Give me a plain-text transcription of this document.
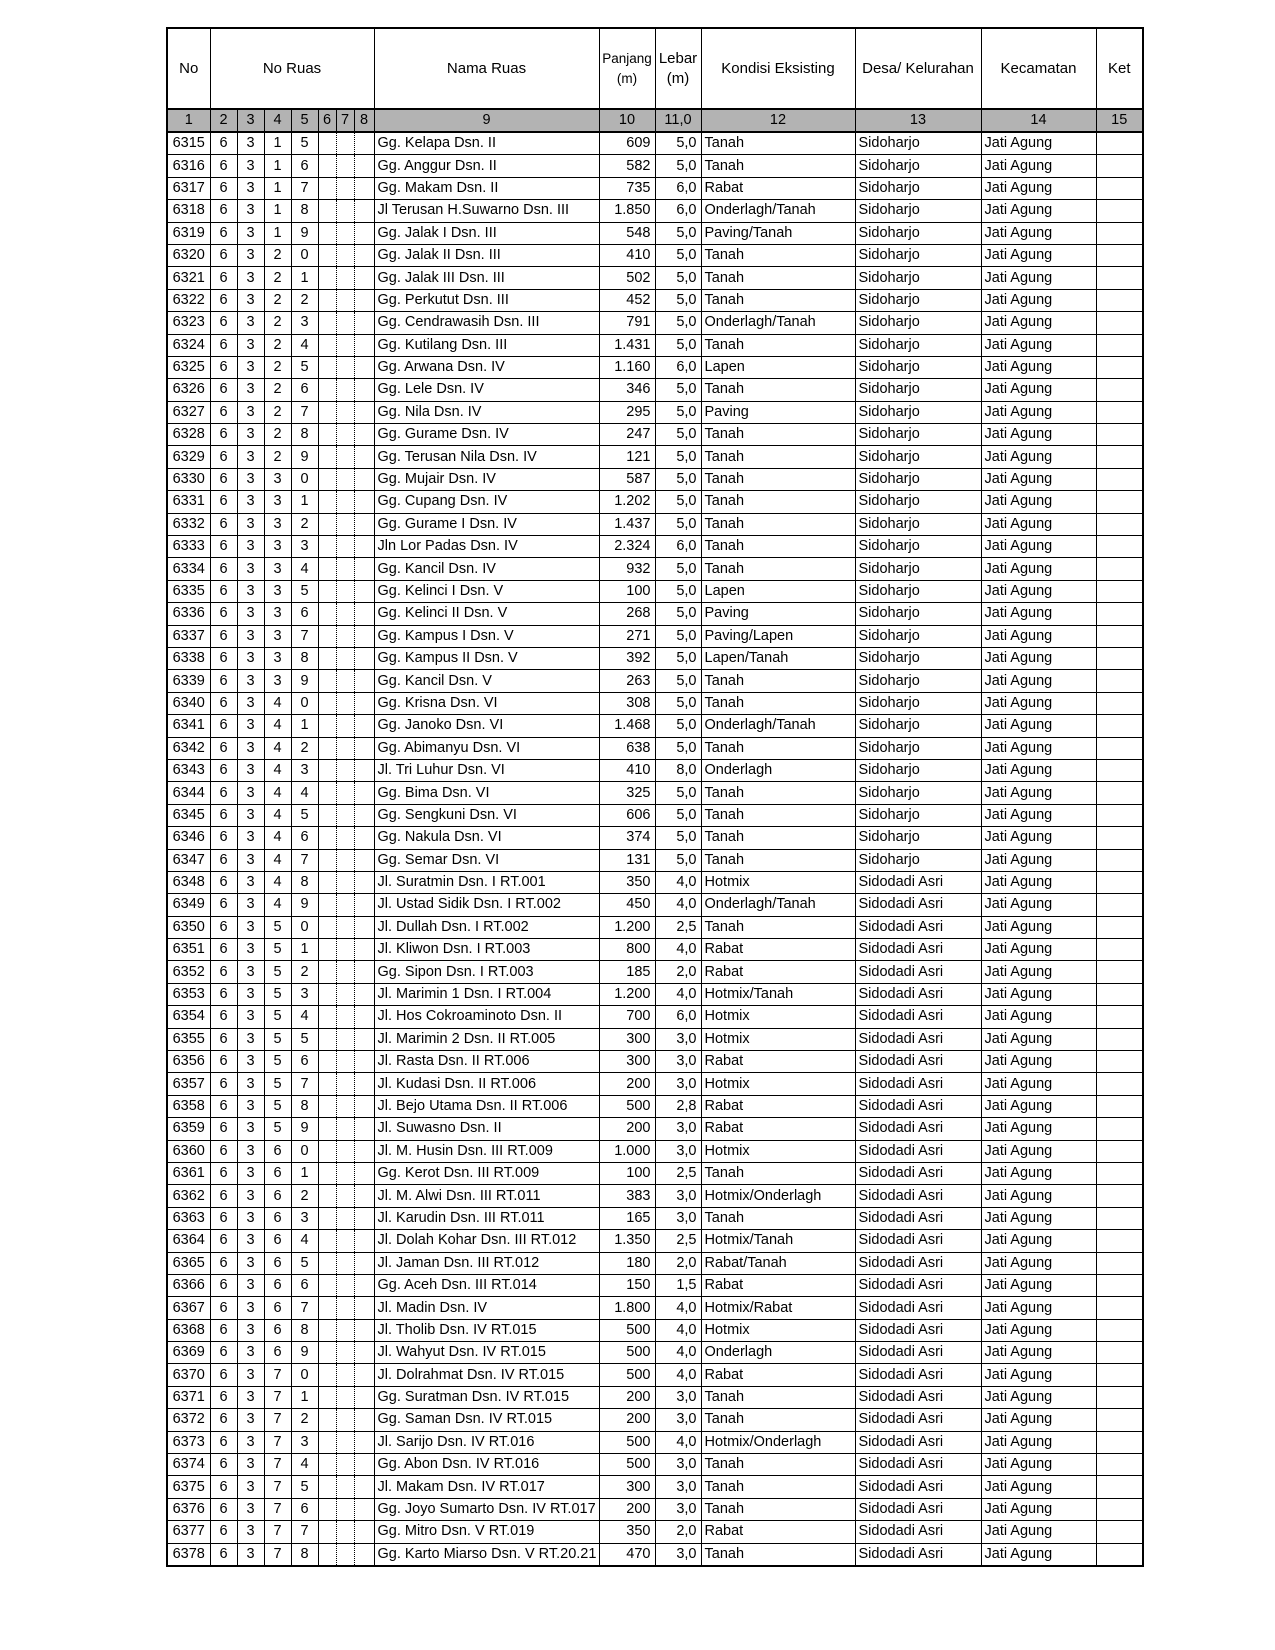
No	No Ruas							Nama Ruas	Panjang (m)	Lebar (m)	Kondisi Eksisting	Desa/ Kelurahan	Kecamatan	Ket
1	2	3	4	5	6	7	8	9	10	11,0	12	13	14	15
6315	6	3	1	5				Gg. Kelapa Dsn. II	609	5,0	Tanah	Sidoharjo	Jati Agung	
6316	6	3	1	6				Gg. Anggur Dsn. II	582	5,0	Tanah	Sidoharjo	Jati Agung	
6317	6	3	1	7				Gg. Makam Dsn. II	735	6,0	Rabat	Sidoharjo	Jati Agung	
6318	6	3	1	8				Jl Terusan H.Suwarno Dsn. III	1.850	6,0	Onderlagh/Tanah	Sidoharjo	Jati Agung	
6319	6	3	1	9				Gg. Jalak I Dsn. III	548	5,0	Paving/Tanah	Sidoharjo	Jati Agung	
6320	6	3	2	0				Gg. Jalak II Dsn. III	410	5,0	Tanah	Sidoharjo	Jati Agung	
6321	6	3	2	1				Gg. Jalak III Dsn. III	502	5,0	Tanah	Sidoharjo	Jati Agung	
6322	6	3	2	2				Gg. Perkutut Dsn. III	452	5,0	Tanah	Sidoharjo	Jati Agung	
6323	6	3	2	3				Gg. Cendrawasih Dsn. III	791	5,0	Onderlagh/Tanah	Sidoharjo	Jati Agung	
6324	6	3	2	4				Gg. Kutilang Dsn. III	1.431	5,0	Tanah	Sidoharjo	Jati Agung	
6325	6	3	2	5				Gg. Arwana Dsn. IV	1.160	6,0	Lapen	Sidoharjo	Jati Agung	
6326	6	3	2	6				Gg. Lele Dsn. IV	346	5,0	Tanah	Sidoharjo	Jati Agung	
6327	6	3	2	7				Gg. Nila Dsn. IV	295	5,0	Paving	Sidoharjo	Jati Agung	
6328	6	3	2	8				Gg. Gurame Dsn. IV	247	5,0	Tanah	Sidoharjo	Jati Agung	
6329	6	3	2	9				Gg. Terusan Nila Dsn. IV	121	5,0	Tanah	Sidoharjo	Jati Agung	
6330	6	3	3	0				Gg. Mujair Dsn. IV	587	5,0	Tanah	Sidoharjo	Jati Agung	
6331	6	3	3	1				Gg. Cupang Dsn. IV	1.202	5,0	Tanah	Sidoharjo	Jati Agung	
6332	6	3	3	2				Gg. Gurame I Dsn. IV	1.437	5,0	Tanah	Sidoharjo	Jati Agung	
6333	6	3	3	3				Jln Lor Padas Dsn. IV	2.324	6,0	Tanah	Sidoharjo	Jati Agung	
6334	6	3	3	4				Gg. Kancil Dsn. IV	932	5,0	Tanah	Sidoharjo	Jati Agung	
6335	6	3	3	5				Gg. Kelinci I Dsn. V	100	5,0	Lapen	Sidoharjo	Jati Agung	
6336	6	3	3	6				Gg. Kelinci II Dsn. V	268	5,0	Paving	Sidoharjo	Jati Agung	
6337	6	3	3	7				Gg. Kampus I Dsn. V	271	5,0	Paving/Lapen	Sidoharjo	Jati Agung	
6338	6	3	3	8				Gg. Kampus II Dsn. V	392	5,0	Lapen/Tanah	Sidoharjo	Jati Agung	
6339	6	3	3	9				Gg. Kancil Dsn. V	263	5,0	Tanah	Sidoharjo	Jati Agung	
6340	6	3	4	0				Gg. Krisna Dsn. VI	308	5,0	Tanah	Sidoharjo	Jati Agung	
6341	6	3	4	1				Gg. Janoko Dsn. VI	1.468	5,0	Onderlagh/Tanah	Sidoharjo	Jati Agung	
6342	6	3	4	2				Gg. Abimanyu Dsn. VI	638	5,0	Tanah	Sidoharjo	Jati Agung	
6343	6	3	4	3				Jl. Tri Luhur Dsn. VI	410	8,0	Onderlagh	Sidoharjo	Jati Agung	
6344	6	3	4	4				Gg. Bima Dsn. VI	325	5,0	Tanah	Sidoharjo	Jati Agung	
6345	6	3	4	5				Gg. Sengkuni Dsn. VI	606	5,0	Tanah	Sidoharjo	Jati Agung	
6346	6	3	4	6				Gg. Nakula Dsn. VI	374	5,0	Tanah	Sidoharjo	Jati Agung	
6347	6	3	4	7				Gg. Semar Dsn. VI	131	5,0	Tanah	Sidoharjo	Jati Agung	
6348	6	3	4	8				Jl. Suratmin Dsn. I RT.001	350	4,0	Hotmix	Sidodadi Asri	Jati Agung	
6349	6	3	4	9				Jl. Ustad Sidik Dsn. I RT.002	450	4,0	Onderlagh/Tanah	Sidodadi Asri	Jati Agung	
6350	6	3	5	0				Jl. Dullah Dsn. I RT.002	1.200	2,5	Tanah	Sidodadi Asri	Jati Agung	
6351	6	3	5	1				Jl. Kliwon Dsn. I RT.003	800	4,0	Rabat	Sidodadi Asri	Jati Agung	
6352	6	3	5	2				Gg. Sipon Dsn. I RT.003	185	2,0	Rabat	Sidodadi Asri	Jati Agung	
6353	6	3	5	3				Jl. Marimin 1 Dsn. I RT.004	1.200	4,0	Hotmix/Tanah	Sidodadi Asri	Jati Agung	
6354	6	3	5	4				Jl. Hos Cokroaminoto Dsn. II	700	6,0	Hotmix	Sidodadi Asri	Jati Agung	
6355	6	3	5	5				Jl. Marimin 2 Dsn. II RT.005	300	3,0	Hotmix	Sidodadi Asri	Jati Agung	
6356	6	3	5	6				Jl. Rasta Dsn. II RT.006	300	3,0	Rabat	Sidodadi Asri	Jati Agung	
6357	6	3	5	7				Jl. Kudasi Dsn. II RT.006	200	3,0	Hotmix	Sidodadi Asri	Jati Agung	
6358	6	3	5	8				Jl. Bejo Utama Dsn. II RT.006	500	2,8	Rabat	Sidodadi Asri	Jati Agung	
6359	6	3	5	9				Jl. Suwasno Dsn. II	200	3,0	Rabat	Sidodadi Asri	Jati Agung	
6360	6	3	6	0				Jl. M. Husin Dsn. III RT.009	1.000	3,0	Hotmix	Sidodadi Asri	Jati Agung	
6361	6	3	6	1				Gg. Kerot Dsn. III RT.009	100	2,5	Tanah	Sidodadi Asri	Jati Agung	
6362	6	3	6	2				Jl. M. Alwi Dsn. III RT.011	383	3,0	Hotmix/Onderlagh	Sidodadi Asri	Jati Agung	
6363	6	3	6	3				Jl. Karudin Dsn. III RT.011	165	3,0	Tanah	Sidodadi Asri	Jati Agung	
6364	6	3	6	4				Jl. Dolah Kohar Dsn. III RT.012	1.350	2,5	Hotmix/Tanah	Sidodadi Asri	Jati Agung	
6365	6	3	6	5				Jl. Jaman Dsn. III RT.012	180	2,0	Rabat/Tanah	Sidodadi Asri	Jati Agung	
6366	6	3	6	6				Gg. Aceh Dsn. III RT.014	150	1,5	Rabat	Sidodadi Asri	Jati Agung	
6367	6	3	6	7				Jl. Madin Dsn. IV	1.800	4,0	Hotmix/Rabat	Sidodadi Asri	Jati Agung	
6368	6	3	6	8				Jl. Tholib Dsn. IV RT.015	500	4,0	Hotmix	Sidodadi Asri	Jati Agung	
6369	6	3	6	9				Jl. Wahyut Dsn. IV RT.015	500	4,0	Onderlagh	Sidodadi Asri	Jati Agung	
6370	6	3	7	0				Jl. Dolrahmat Dsn. IV RT.015	500	4,0	Rabat	Sidodadi Asri	Jati Agung	
6371	6	3	7	1				Gg. Suratman Dsn. IV RT.015	200	3,0	Tanah	Sidodadi Asri	Jati Agung	
6372	6	3	7	2				Gg. Saman Dsn. IV RT.015	200	3,0	Tanah	Sidodadi Asri	Jati Agung	
6373	6	3	7	3				Jl. Sarijo Dsn. IV RT.016	500	4,0	Hotmix/Onderlagh	Sidodadi Asri	Jati Agung	
6374	6	3	7	4				Gg. Abon Dsn. IV RT.016	500	3,0	Tanah	Sidodadi Asri	Jati Agung	
6375	6	3	7	5				Jl. Makam Dsn. IV RT.017	300	3,0	Tanah	Sidodadi Asri	Jati Agung	
6376	6	3	7	6				Gg. Joyo Sumarto Dsn. IV RT.017	200	3,0	Tanah	Sidodadi Asri	Jati Agung	
6377	6	3	7	7				Gg. Mitro Dsn. V RT.019	350	2,0	Rabat	Sidodadi Asri	Jati Agung	
6378	6	3	7	8				Gg. Karto Miarso Dsn. V RT.20.21	470	3,0	Tanah	Sidodadi Asri	Jati Agung	
